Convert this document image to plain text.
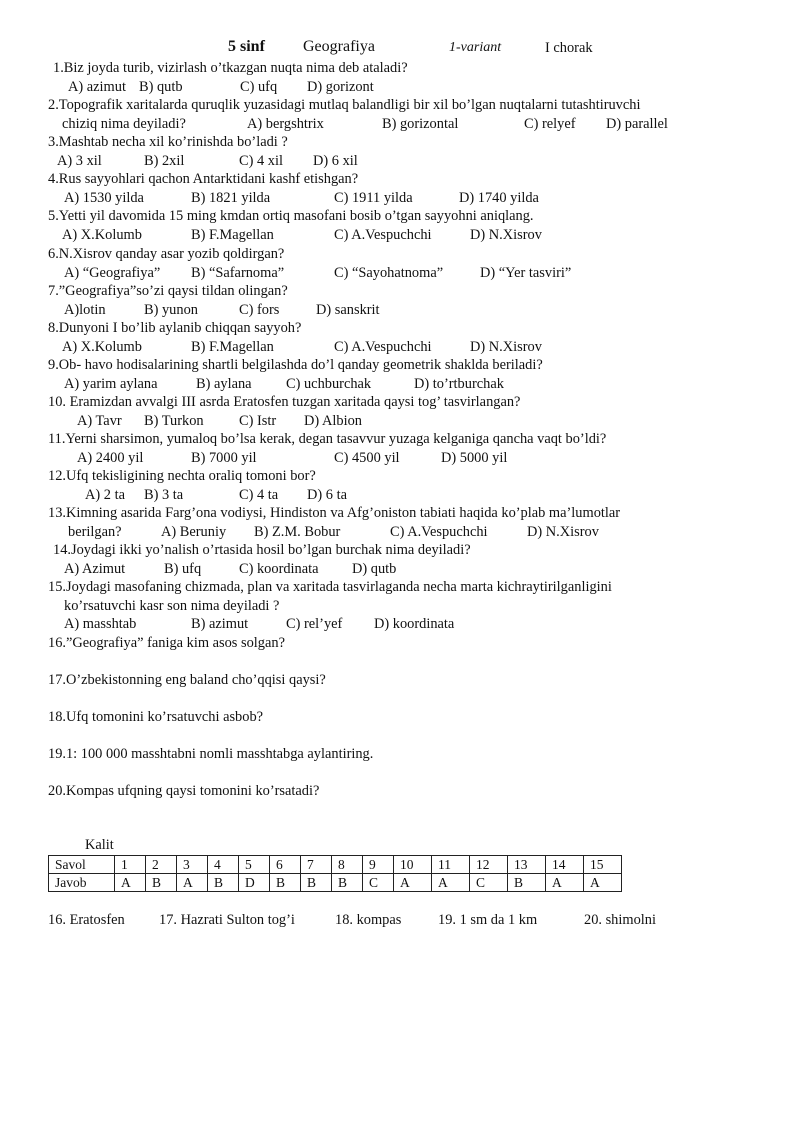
5 sinf Geografiya	1-variant	I chorak
1.Biz joyda turib, vizirlash o’tkazgan nuqta nima deb ataladi?
A) azimut B) qutb	C) ufq D) gorizont
2.Topografik xaritalarda quruqlik yuzasidagi mutlaq balandligi bir xil bo’lgan nuqtalarni tutashtiruvchi
chiziq nima deyiladi?	A) bergshtrix	B) gorizontal	C) relyef D) parallel
3.Mashtab necha xil ko’rinishda bo’ladi ?
A) 3 xil	B) 2xil	C) 4 xil D) 6 xil
4.Rus sayyohlari qachon Antarktidani kashf etishgan?
A) 1530 yilda	B) 1821 yilda	C) 1911 yilda	D) 1740 yilda
5.Yetti yil davomida 15 ming kmdan ortiq masofani bosib o’tgan sayyohni aniqlang.
A) X.Kolumb	B) F.Magellan	C) A.Vespuchchi	D) N.Xisrov
6.N.Xisrov qanday asar yozib qoldirgan?
A) “Geografiya” B) “Safarnoma”	C) “Sayohatnoma”	D) “Yer tasviri”
7.”Geografiya”so’zi qaysi tildan olingan?
A)lotin	B) yunon	C) fors	D) sanskrit
8.Dunyoni I bo’lib aylanib chiqqan sayyoh?
A) X.Kolumb	B) F.Magellan	C) A.Vespuchchi	D) N.Xisrov
9.Ob- havo hodisalarining shartli belgilashda do’l qanday geometrik shaklda beriladi?
A) yarim aylana	B) aylana C) uchburchak	D) to’rtburchak
10. Eramizdan avvalgi III asrda Eratosfen tuzgan xaritada qaysi tog’ tasvirlangan?
A) Tavr B) Turkon C) Istr D) Albion
11.Yerni sharsimon, yumaloq bo’lsa kerak, degan tasavvur yuzaga kelganiga qancha vaqt bo’ldi?
A) 2400 yil	B) 7000 yil	C) 4500 yil	D) 5000 yil
12.Ufq tekisligining nechta oraliq tomoni bor?
A) 2 ta B) 3 ta	C) 4 ta D) 6 ta
13.Kimning asarida Farg’ona vodiysi, Hindiston va Afg’oniston tabiati haqida ko’plab ma’lumotlar
berilgan?	A) Beruniy B) Z.M. Bobur	C) A.Vespuchchi	D) N.Xisrov
14.Joydagi ikki yo’nalish o’rtasida hosil bo’lgan burchak nima deyiladi?
A) Azimut	B) ufq	C) koordinata D) qutb
15.Joydagi masofaning chizmada, plan va xaritada tasvirlaganda necha marta kichraytirilganligini
ko’rsatuvchi kasr son nima deyiladi ?
A) masshtab	B) azimut	C) rel’yef D) koordinata
16.”Geografiya” faniga kim asos solgan?
17.O’zbekistonning eng baland cho’qqisi qaysi?
18.Ufq tomonini ko’rsatuvchi asbob?
19.1: 100 000 masshtabni nomli masshtabga aylantiring.
20.Kompas ufqning qaysi tomonini ko’rsatadi?
Kalit
Savol	1	2	3	4	5	6	7	8	9	10	11	12	13	14	15
Javob	A	B	A	B	D	B	B	B	C	A	A	C	B	A	A
16. Eratosfen 17. Hazrati Sulton tog’i	18. kompas	19. 1 sm da 1 km	20. shimolni
